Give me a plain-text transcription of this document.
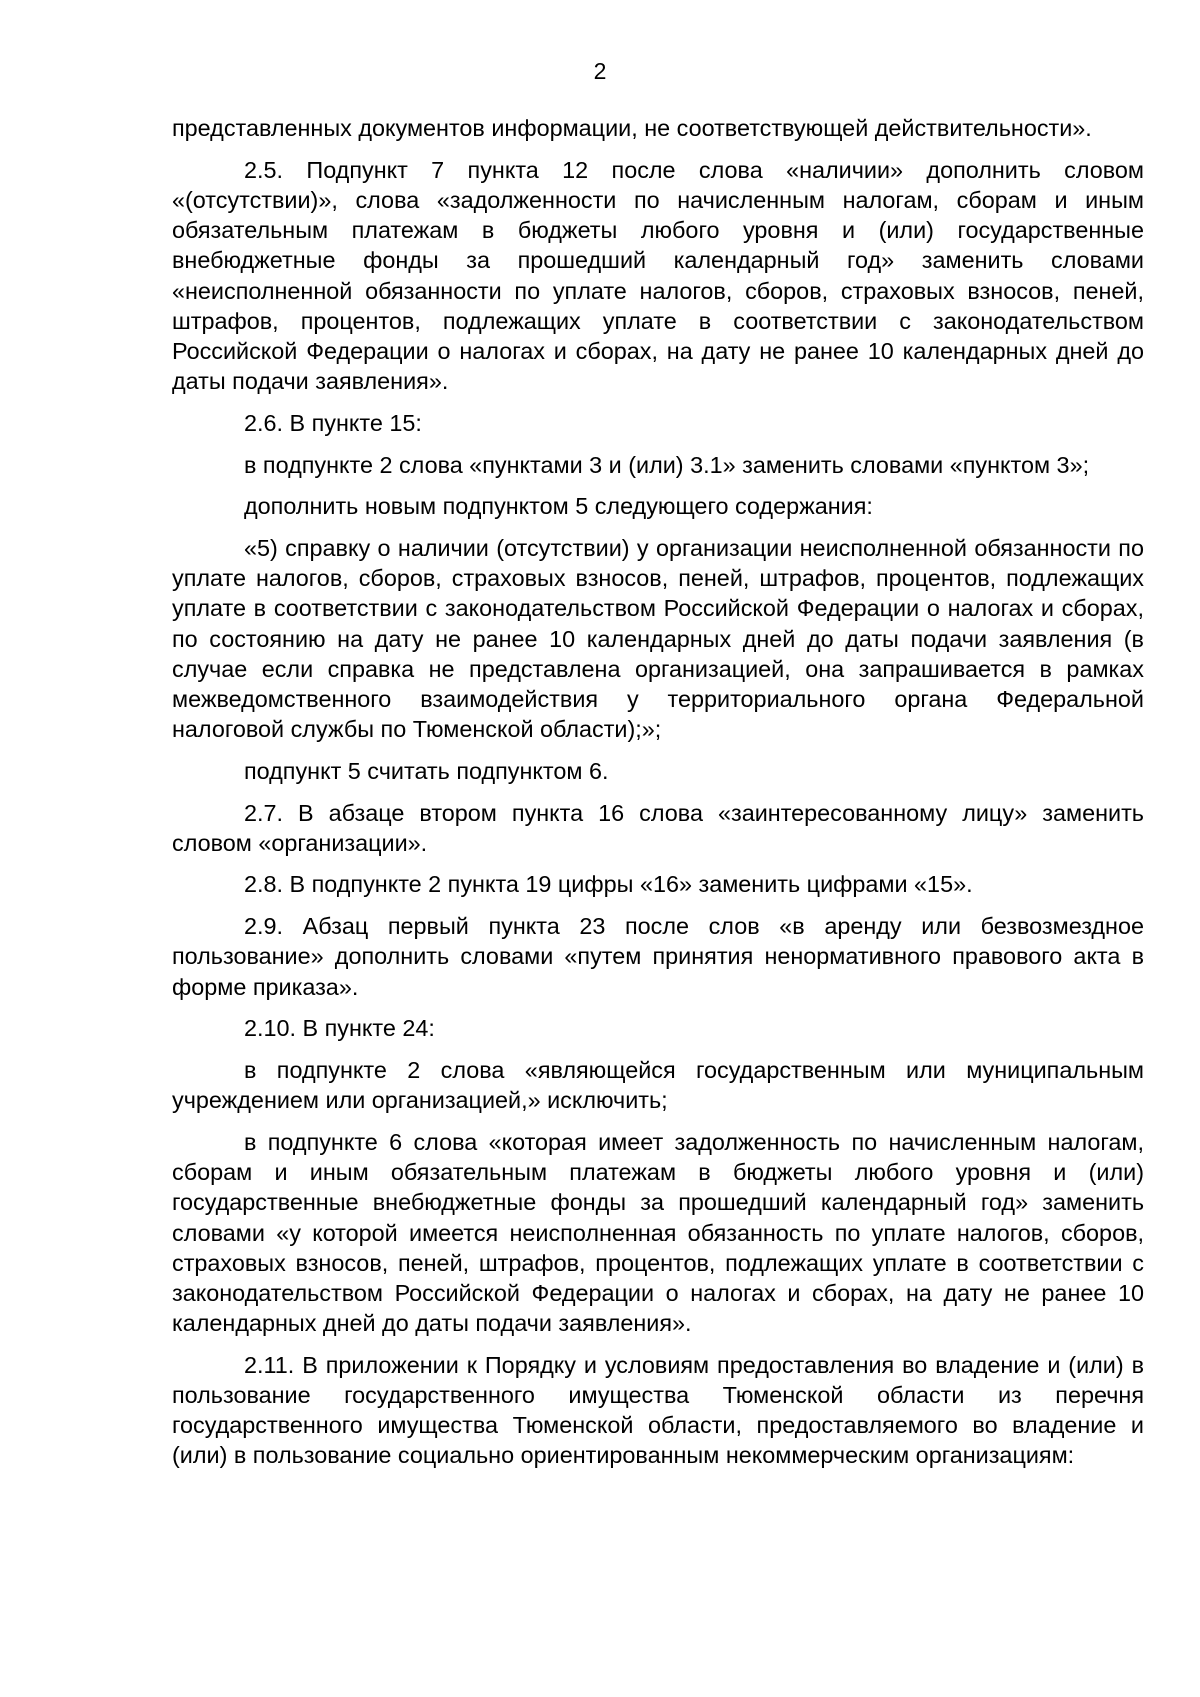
2

представленных документов информации, не соответствующей действительности».

2.5. Подпункт 7 пункта 12 после слова «наличии» дополнить словом «(отсутствии)», слова «задолженности по начисленным налогам, сборам и иным обязательным платежам в бюджеты любого уровня и (или) государственные внебюджетные фонды за прошедший календарный год» заменить словами «неисполненной обязанности по уплате налогов, сборов, страховых взносов, пеней, штрафов, процентов, подлежащих уплате в соответствии с законодательством Российской Федерации о налогах и сборах, на дату не ранее 10 календарных дней до даты подачи заявления».

2.6. В пункте 15:

в подпункте 2 слова «пунктами 3 и (или) 3.1» заменить словами «пунктом 3»;

дополнить новым подпунктом 5 следующего содержания:

«5) справку о наличии (отсутствии) у организации неисполненной обязанности по уплате налогов, сборов, страховых взносов, пеней, штрафов, процентов, подлежащих уплате в соответствии с законодательством Российской Федерации о налогах и сборах, по состоянию на дату не ранее 10 календарных дней до даты подачи заявления (в случае если справка не представлена организацией, она запрашивается в рамках межведомственного взаимодействия у территориального органа Федеральной налоговой службы по Тюменской области);»;

подпункт 5 считать подпунктом 6.

2.7. В абзаце втором пункта 16 слова «заинтересованному лицу» заменить словом «организации».

2.8. В подпункте 2 пункта 19 цифры «16» заменить цифрами «15».

2.9. Абзац первый пункта 23 после слов «в аренду или безвозмездное пользование» дополнить словами «путем принятия ненормативного правового акта в форме приказа».

2.10. В пункте 24:

в подпункте 2 слова «являющейся государственным или муниципальным учреждением или организацией,» исключить;

в подпункте 6 слова «которая имеет задолженность по начисленным налогам, сборам и иным обязательным платежам в бюджеты любого уровня и (или) государственные внебюджетные фонды за прошедший календарный год» заменить словами «у которой имеется неисполненная обязанность по уплате налогов, сборов, страховых взносов, пеней, штрафов, процентов, подлежащих уплате в соответствии с законодательством Российской Федерации о налогах и сборах, на дату не ранее 10 календарных дней до даты подачи заявления».

2.11. В приложении к Порядку и условиям предоставления во владение и (или) в пользование государственного имущества Тюменской области из перечня государственного имущества Тюменской области, предоставляемого во владение и (или) в пользование социально ориентированным некоммерческим организациям:
